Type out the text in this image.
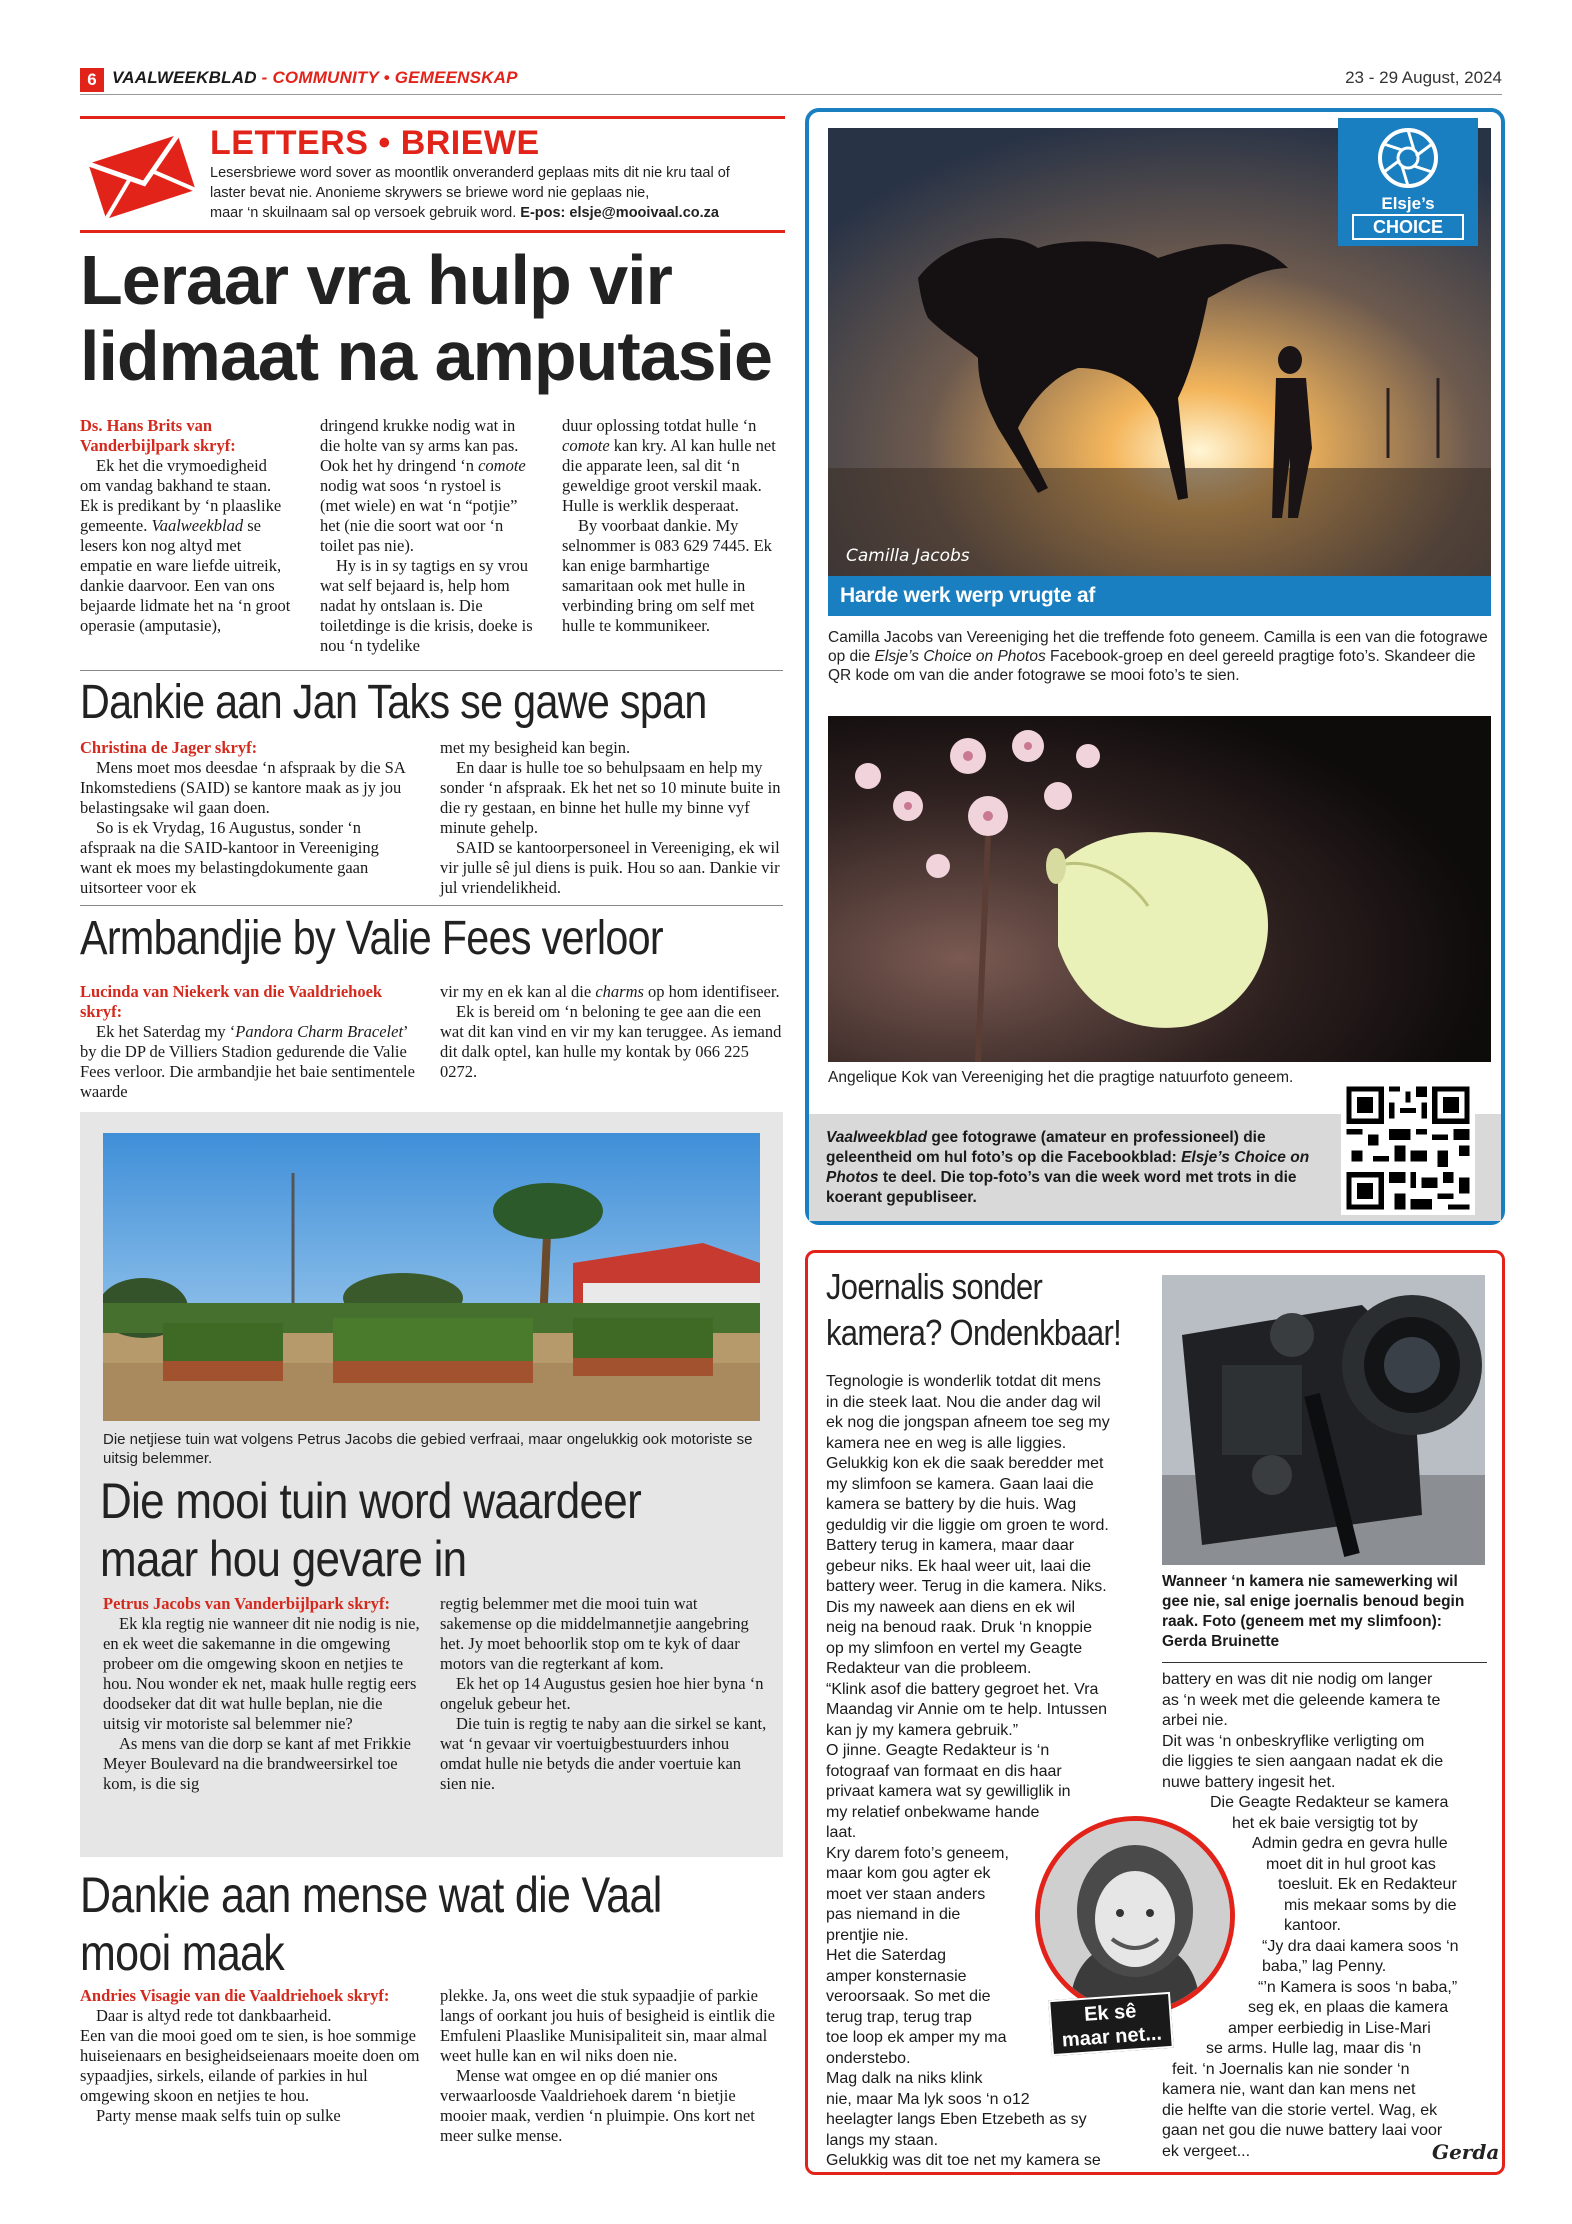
6 VAALWEEKBLAD - COMMUNITY • GEMEENSKAP	23 - 29 August, 2024
LETTERS • BRIEWE
Lesersbriewe word sover as moontlik onveranderd geplaas mits dit nie kru taal of
laster bevat nie. Anonieme skrywers se briewe word nie geplaas nie,
maar ‘n skuilnaam sal op versoek gebruik word. E-pos: elsje@mooivaal.co.za
Leraar vra hulp vir
lidmaat na amputasie

Ds. Hans Brits van Vanderbijlpark skryf:

Ek het die vrymoedigheid om vandag bakhand te staan. Ek is predikant by ‘n plaaslike gemeente. Vaalweekblad se lesers kon nog altyd met empatie en ware liefde uitreik, dankie daarvoor. Een van ons bejaarde lidmate het na ‘n groot operasie (amputasie),

dringend krukke nodig wat in die holte van sy arms kan pas. Ook het hy dringend ‘n comote nodig wat soos ‘n rystoel is (met wiele) en wat ‘n “potjie” het (nie die soort wat oor ‘n toilet pas nie).

Hy is in sy tagtigs en sy vrou wat self bejaard is, help hom nadat hy ontslaan is. Die toiletdinge is die krisis, doeke is nou ‘n tydelike

duur oplossing totdat hulle ‘n comote kan kry. Al kan hulle net die apparate leen, sal dit ‘n geweldige groot verskil maak. Hulle is werklik desperaat.

By voorbaat dankie. My selnommer is 083 629 7445. Ek kan enige barmhartige samaritaan ook met hulle in verbinding bring om self met hulle te kommunikeer.

Dankie aan Jan Taks se gawe span

Christina de Jager skryf:

Mens moet mos deesdae ‘n afspraak by die SA Inkomstediens (SAID) se kantore maak as jy jou belastingsake wil gaan doen.

So is ek Vrydag, 16 Augustus, sonder ‘n afspraak na die SAID-kantoor in Vereeniging want ek moes my belastingdokumente gaan uitsorteer voor ek

met my besigheid kan begin.

En daar is hulle toe so behulpsaam en help my sonder ‘n afspraak. Ek het net so 10 minute buite in die ry gestaan, en binne het hulle my binne vyf minute gehelp.

SAID se kantoorpersoneel in Vereeniging, ek wil vir julle sê jul diens is puik. Hou so aan. Dankie vir jul vriendelikheid.

Armbandjie by Valie Fees verloor

Lucinda van Niekerk van die Vaaldriehoek skryf:

Ek het Saterdag my ‘Pandora Charm Bracelet’ by die DP de Villiers Stadion gedurende die Valie Fees verloor. Die armbandjie het baie sentimentele waarde

vir my en ek kan al die charms op hom identifiseer.

Ek is bereid om ‘n beloning te gee aan die een wat dit kan vind en vir my kan teruggee. As iemand dit dalk optel, kan hulle my kontak by 066 225 0272.

Die netjiese tuin wat volgens Petrus Jacobs die gebied verfraai, maar ongelukkig ook motoriste se uitsig belemmer.
Die mooi tuin word waardeer
maar hou gevare in

Petrus Jacobs van Vanderbijlpark skryf:

Ek kla regtig nie wanneer dit nie nodig is nie, en ek weet die sakemanne in die omgewing probeer om die omgewing skoon en netjies te hou. Nou wonder ek net, maak hulle regtig eers doodseker dat dit wat hulle beplan, nie die uitsig vir motoriste sal belemmer nie?

As mens van die dorp se kant af met Frikkie Meyer Boulevard na die brandweersirkel toe kom, is die sig

regtig belemmer met die mooi tuin wat sakemense op die middelmannetjie aangebring het. Jy moet behoorlik stop om te kyk of daar motors van die regterkant af kom.

Ek het op 14 Augustus gesien hoe hier byna ‘n ongeluk gebeur het.

Die tuin is regtig te naby aan die sirkel se kant, wat ‘n gevaar vir voertuigbestuurders inhou omdat hulle nie betyds die ander voertuie kan sien nie.

Dankie aan mense wat die Vaal
mooi maak

Andries Visagie van die Vaaldriehoek skryf:

Daar is altyd rede tot dankbaarheid.

Een van die mooi goed om te sien, is hoe sommige huiseienaars en besigheidseienaars moeite doen om sypaadjies, sirkels, eilande of parkies in hul omgewing skoon en netjies te hou.

Party mense maak selfs tuin op sulke

plekke. Ja, ons weet die stuk sypaadjie of parkie langs of oorkant jou huis of besigheid is eintlik die Emfuleni Plaaslike Munisipaliteit sin, maar almal weet hulle kan en wil niks doen nie.

Mense wat omgee en op dié manier ons verwaarloosde Vaaldriehoek darem ‘n bietjie mooier maak, verdien ‘n pluimpie. Ons kort net meer sulke mense.

Camilla Jacobs
Elsje’s
CHOICE
Harde werk werp vrugte af
Camilla Jacobs van Vereeniging het die treffende foto geneem. Camilla is een van die fotograwe op die Elsje’s Choice on Photos Facebook-groep en deel gereeld pragtige foto’s. Skandeer die QR kode om van die ander fotograwe se mooi foto’s te sien.
Angelique Kok van Vereeniging het die pragtige natuurfoto geneem.
Vaalweekblad gee fotograwe (amateur en professioneel) die geleentheid om hul foto’s op die Facebookblad: Elsje’s Choice on Photos te deel. Die top-foto’s van die week word met trots in die koerant gepubliseer.
Joernalis sonder
kamera? Ondenkbaar!
Wanneer ‘n kamera nie samewerking wil gee nie, sal enige joernalis benoud begin raak. Foto (geneem met my slimfoon): Gerda Bruinette
Tegnologie is wonderlik totdat dit mens
in die steek laat. Nou die ander dag wil
ek nog die jongspan afneem toe seg my
kamera nee en weg is alle liggies.
Gelukkig kon ek die saak beredder met
my slimfoon se kamera. Gaan laai die
kamera se battery by die huis. Wag
geduldig vir die liggie om groen te word.
Battery terug in kamera, maar daar
gebeur niks. Ek haal weer uit, laai die
battery weer. Terug in die kamera. Niks.
Dis my naweek aan diens en ek wil
neig na benoud raak. Druk ‘n knoppie
op my slimfoon en vertel my Geagte
Redakteur van die probleem.
“Klink asof die battery gegroet het. Vra
Maandag vir Annie om te help. Intussen
kan jy my kamera gebruik.”
O jinne. Geagte Redakteur is ‘n
fotograaf van formaat en dis haar
privaat kamera wat sy gewilliglik in
my relatief onbekwame hande
laat.
Kry darem foto’s geneem,
maar kom gou agter ek
moet ver staan anders
pas niemand in die
prentjie nie.
Het die Saterdag
amper konsternasie
veroorsaak. So met die
terug trap, terug trap
toe loop ek amper my ma
onderstebo.
Mag dalk na niks klink
nie, maar Ma lyk soos ‘n o12
heelagter langs Eben Etzebeth as sy
langs my staan.
Gelukkig was dit toe net my kamera se
battery en was dit nie nodig om langer
as ‘n week met die geleende kamera te
arbei nie.
Dit was ‘n onbeskryflike verligting om
die liggies te sien aangaan nadat ek die
nuwe battery ingesit het.
Die Geagte Redakteur se kamera
het ek baie versigtig tot by
Admin gedra en gevra hulle
moet dit in hul groot kas
toesluit. Ek en Redakteur
mis mekaar soms by die
kantoor.
“Jy dra daai kamera soos ‘n
baba,” lag Penny.
“’n Kamera is soos ‘n baba,”
seg ek, en plaas die kamera
amper eerbiedig in Lise-Mari
se arms. Hulle lag, maar dis ‘n
feit. ‘n Joernalis kan nie sonder ‘n
kamera nie, want dan kan mens net
die helfte van die storie vertel. Wag, ek
gaan net gou die nuwe battery laai voor
ek vergeet...
Ek sê
maar net...
Gerda
